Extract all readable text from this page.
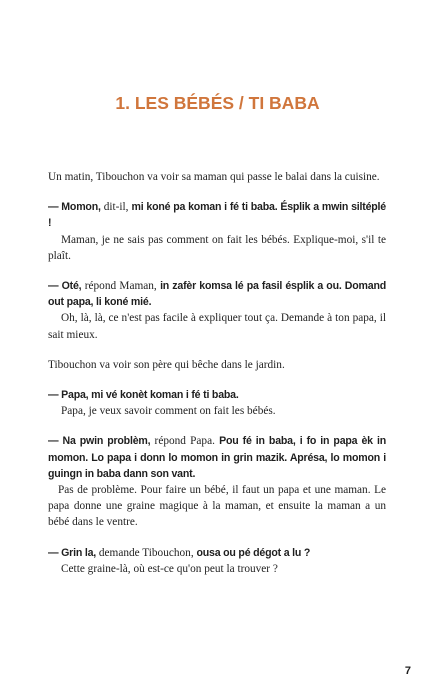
1. LES BÉBÉS / TI BABA

Un matin, Tibouchon va voir sa maman qui passe le balai dans la cuisine.

— Momon, dit-il, mi koné pa koman i fé ti baba. Ésplik a mwin siltéplé !
Maman, je ne sais pas comment on fait les bébés. Explique-moi, s'il te plaît.
— Oté, répond Maman, in zafèr komsa lé pa fasil ésplik a ou. Domand out papa, li koné mié.
Oh, là, là, ce n'est pas facile à expliquer tout ça. Demande à ton papa, il sait mieux.

Tibouchon va voir son père qui bêche dans le jardin.

— Papa, mi vé konèt koman i fé ti baba.
Papa, je veux savoir comment on fait les bébés.
— Na pwin problèm, répond Papa. Pou fé in baba, i fo in papa èk in momon. Lo papa i donn lo momon in grin mazik. Aprésa, lo momon i guingn in baba dann son vant.
Pas de problème. Pour faire un bébé, il faut un papa et une maman. Le papa donne une graine magique à la maman, et ensuite la maman a un bébé dans le ventre.
— Grin la, demande Tibouchon, ousa ou pé dégot a lu ?
Cette graine-là, où est-ce qu'on peut la trouver ?
7
